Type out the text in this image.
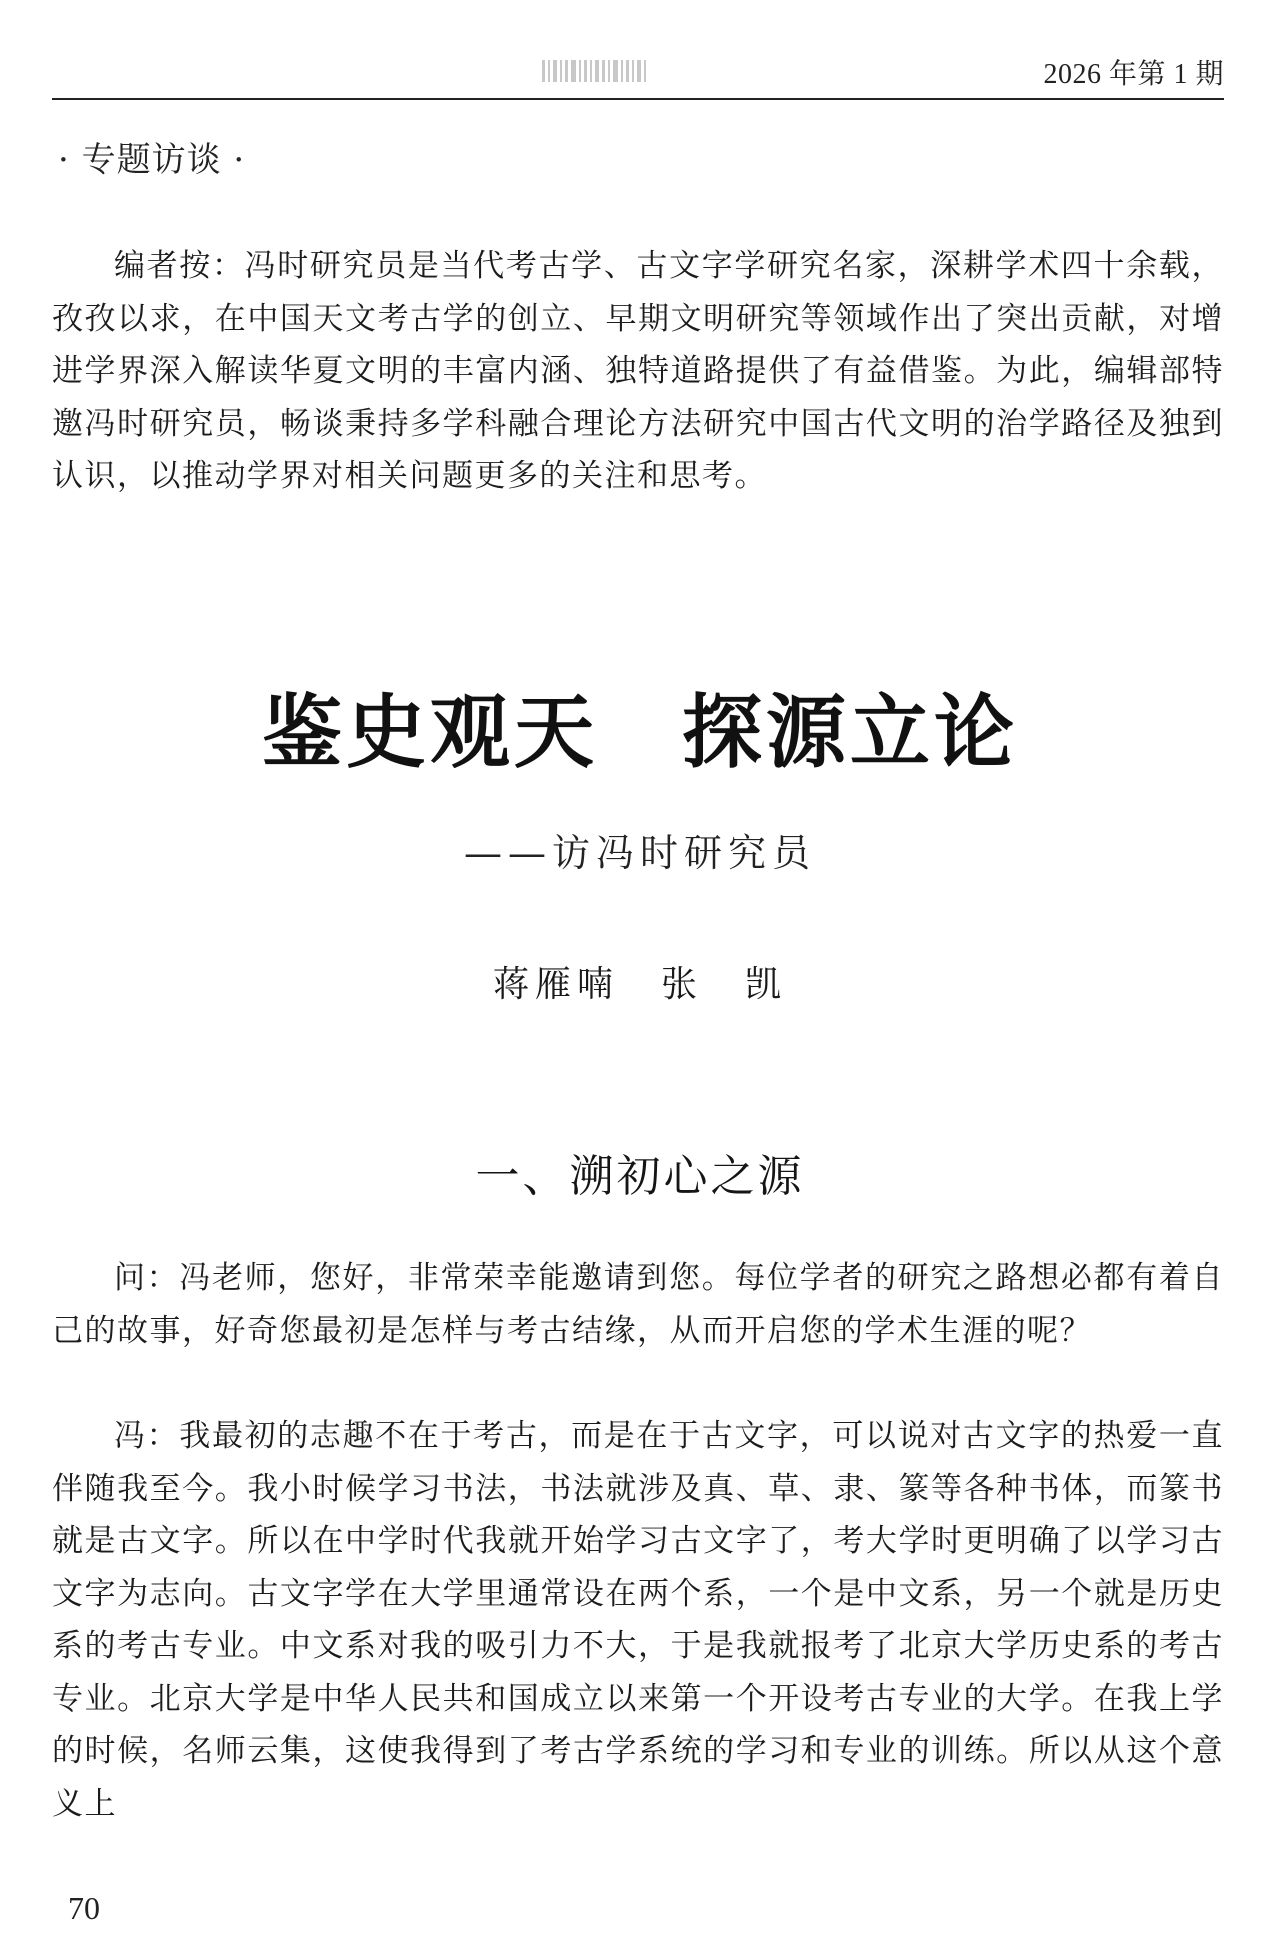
2026 年第 1 期
· 专题访谈 ·
编者按：冯时研究员是当代考古学、古文字学研究名家，深耕学术四十余载，孜孜以求，在中国天文考古学的创立、早期文明研究等领域作出了突出贡献，对增进学界深入解读华夏文明的丰富内涵、独特道路提供了有益借鉴。为此，编辑部特邀冯时研究员，畅谈秉持多学科融合理论方法研究中国古代文明的治学路径及独到认识，以推动学界对相关问题更多的关注和思考。
鉴史观天　探源立论
——访冯时研究员
蒋雁喃　张　凯
一、溯初心之源
问：冯老师，您好，非常荣幸能邀请到您。每位学者的研究之路想必都有着自己的故事，好奇您最初是怎样与考古结缘，从而开启您的学术生涯的呢？
冯：我最初的志趣不在于考古，而是在于古文字，可以说对古文字的热爱一直伴随我至今。我小时候学习书法，书法就涉及真、草、隶、篆等各种书体，而篆书就是古文字。所以在中学时代我就开始学习古文字了，考大学时更明确了以学习古文字为志向。古文字学在大学里通常设在两个系，一个是中文系，另一个就是历史系的考古专业。中文系对我的吸引力不大，于是我就报考了北京大学历史系的考古专业。北京大学是中华人民共和国成立以来第一个开设考古专业的大学。在我上学的时候，名师云集，这使我得到了考古学系统的学习和专业的训练。所以从这个意义上
70
